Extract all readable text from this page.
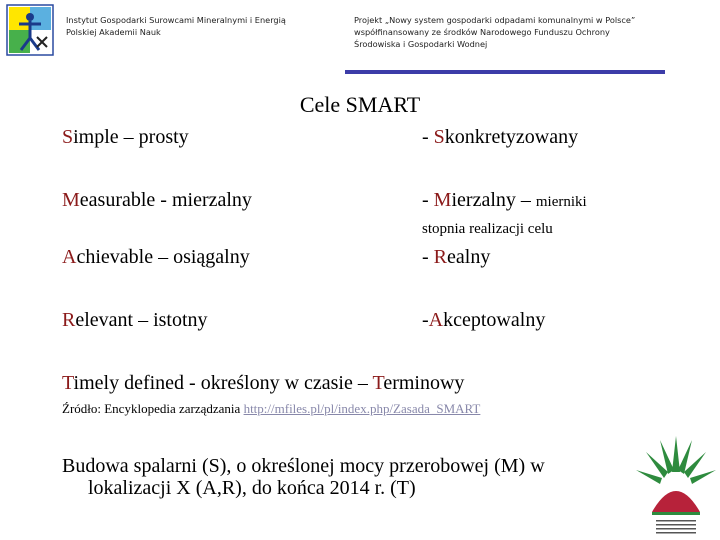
Instytut Gospodarki Surowcami Mineralnymi i Energią
Polskiej Akademii Nauk
Projekt „Nowy system gospodarki odpadami komunalnymi w Polsce”
współfinansowany ze środków Narodowego Funduszu Ochrony
Środowiska i Gospodarki Wodnej
Cele SMART
Simple – prosty	- Skonkretyzowany
Measurable - mierzalny	- Mierzalny – mierniki
stopnia realizacji celu
Achievable – osiągalny	- Realny
Relevant – istotny	-Akceptowalny
Timely defined - określony w czasie – Terminowy
Źródło: Encyklopedia zarządzania http://mfiles.pl/pl/index.php/Zasada_SMART
Budowa spalarni (S), o określonej mocy przerobowej (M) w
lokalizacji X (A,R), do końca 2014 r. (T)
